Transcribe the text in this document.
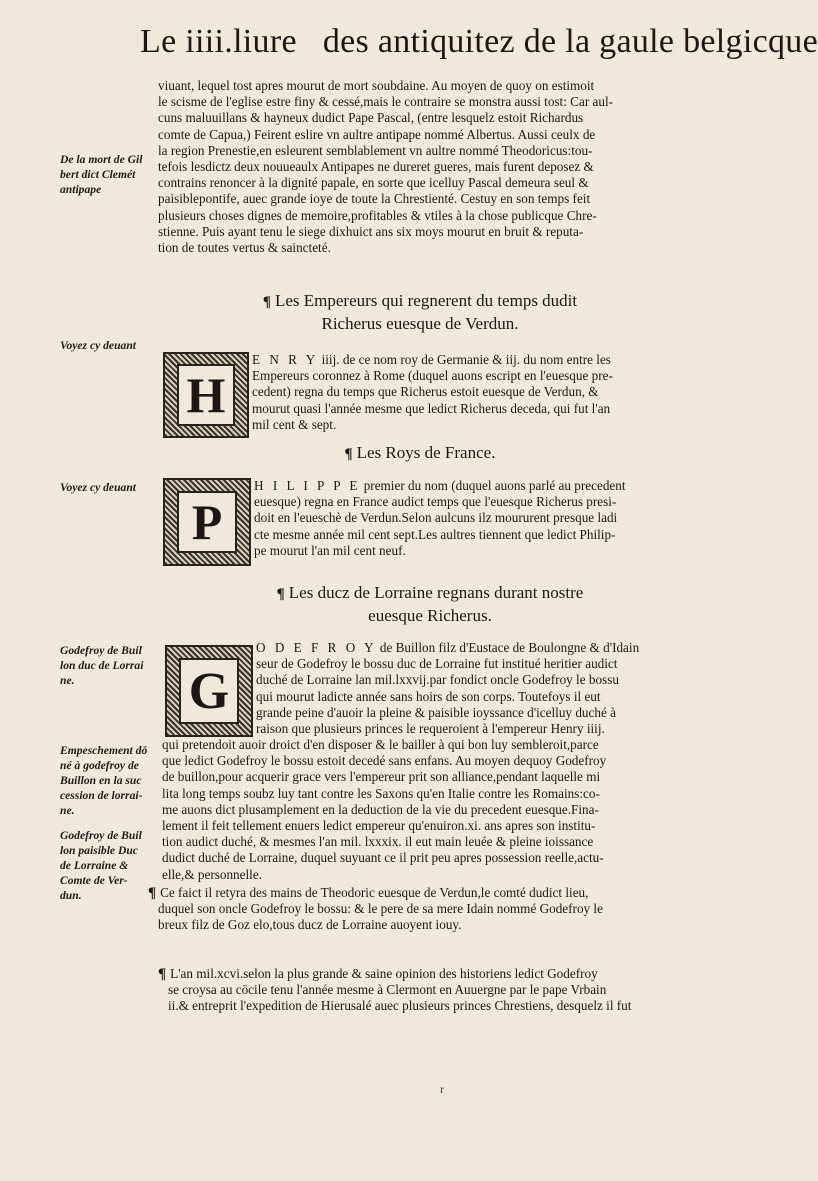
Le iiii.liure des antiquitez de la gaule belgicque
viuant, lequel tost apres mourut de mort soubdaine. Au moyen de quoy on estimoit
le scisme de l'eglise estre finy & cessé,mais le contraire se monstra aussi tost: Car aul-
cuns maluuillans & hayneux dudict Pape Pascal, (entre lesquelz estoit Richardus
comte de Capua,) Feirent eslire vn aultre antipape nommé Albertus. Aussi ceulx de
la region Prenestie,en esleurent semblablement vn aultre nommé Theodoricus:tou-
tefois lesdictz deux nouueaulx Antipapes ne dureret gueres, mais furent deposez &
contrains renoncer à la dignité papale, en sorte que icelluy Pascal demeura seul &
paisiblepontife, auec grande ioye de toute la Chrestienté. Cestuy en son temps feit
plusieurs choses dignes de memoire,profitables & vtiles à la chose publicque Chre-
stienne. Puis ayant tenu le siege dixhuict ans six moys mourut en bruit & reputa-
tion de toutes vertus & saincteté.
De la mort de Gil
bert dict Clemét
antipape
¶ Les Empereurs qui regnerent du temps dudit
Richerus euesque de Verdun.
Voyez cy deuant
H
E N R Y iiij. de ce nom roy de Germanie & iij. du nom entre les
Empereurs coronnez à Rome (duquel auons escript en l'euesque pre-
cedent) regna du temps que Richerus estoit euesque de Verdun, &
mourut quasi l'année mesme que ledict Richerus deceda, qui fut l'an
mil cent & sept.
¶ Les Roys de France.
Voyez cy deuant
P
H I L I P P E premier du nom (duquel auons parlé au precedent
euesque) regna en France audict temps que l'euesque Richerus presi-
doit en l'eueschè de Verdun.Selon aulcuns ilz moururent presque ladi
cte mesme année mil cent sept.Les aultres tiennent que ledict Philip-
pe mourut l'an mil cent neuf.
¶ Les ducz de Lorraine regnans durant nostre
euesque Richerus.
Godefroy de Buil
lon duc de Lorrai
ne.
Empeschement dō
né à godefroy de
Buillon en la suc
cession de lorrai-
ne.
Godefroy de Buil
lon paisible Duc
de Lorraine &
Comte de Ver-
dun.
G
O D E F R O Y de Buillon filz d'Eustace de Boulongne & d'Idain
seur de Godefroy le bossu duc de Lorraine fut institué heritier audict
duché de Lorraine lan mil.lxxvij.par fondict oncle Godefroy le bossu
qui mourut ladicte année sans hoirs de son corps. Toutefoys il eut
grande peine d'auoir la pleine & paisible ioyssance d'icelluy duché à
raison que plusieurs princes le requeroient à l'empereur Henry iiij.
qui pretendoit auoir droict d'en disposer & le bailler à qui bon luy sembleroit,parce
que ledict Godefroy le bossu estoit decedé sans enfans. Au moyen dequoy Godefroy
de buillon,pour acquerir grace vers l'empereur prit son alliance,pendant laquelle mi
lita long temps soubz luy tant contre les Saxons qu'en Italie contre les Romains:co-
me auons dict plusamplement en la deduction de la vie du precedent euesque.Fina-
lement il feit tellement enuers ledict empereur qu'enuiron.xi. ans apres son institu-
tion audict duché, & mesmes l'an mil. lxxxix. il eut main leuée & pleine ioissance
dudict duché de Lorraine, duquel suyuant ce il prit peu apres possession reelle,actu-
elle,& personnelle.
¶ Ce faict il retyra des mains de Theodoric euesque de Verdun,le comté dudict lieu,
duquel son oncle Godefroy le bossu: & le pere de sa mere Idain nommé Godefroy le
breux filz de Goz elo,tous ducz de Lorraine auoyent iouy.
¶ L'an mil.xcvi.selon la plus grande & saine opinion des historiens ledict Godefroy
se croysa au cōcile tenu l'année mesme à Clermont en Auuergne par le pape Vrbain
ii.& entreprit l'expedition de Hierusalé auec plusieurs princes Chrestiens, desquelz il fut
r
